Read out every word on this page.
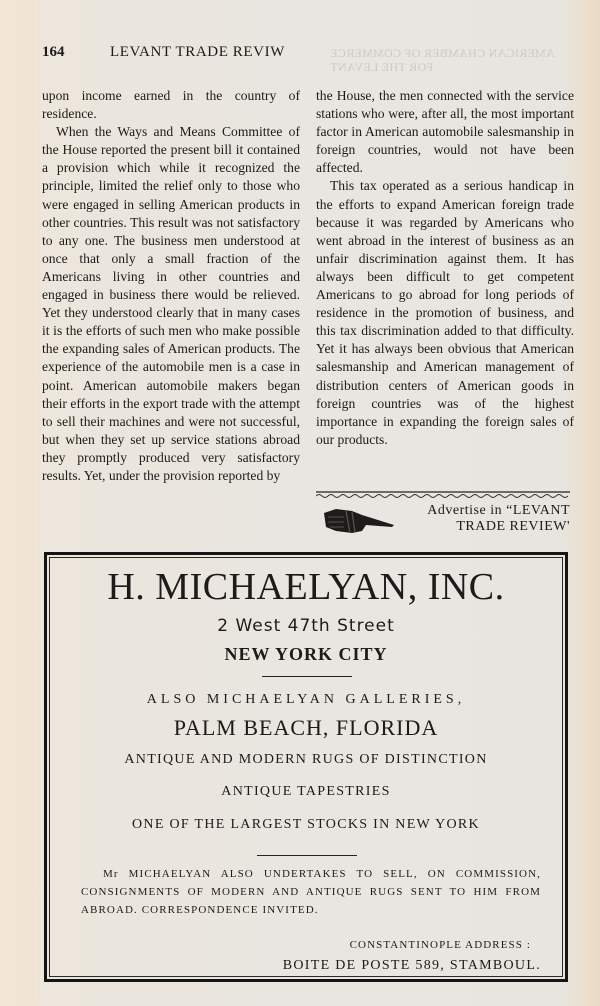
AMERICAN CHAMBER OF COMMERCE FOR THE LEVANT
164	LEVANT TRADE REVIW

upon income earned in the country of residence.

When the Ways and Means Committee of the House reported the present bill it contained a provision which while it recognized the principle, limited the relief only to those who were engaged in selling American products in other countries. This result was not satisfactory to any one. The business men understood at once that only a small fraction of the Americans living in other countries and engaged in business there would be relieved. Yet they understood clearly that in many cases it is the efforts of such men who make possible the expanding sales of American products. The experience of the automobile men is a case in point. American automobile makers began their efforts in the export trade with the attempt to sell their machines and were not successful, but when they set up service stations abroad they promptly produced very satisfactory results. Yet, under the provision reported by

the House, the men connected with the service stations who were, after all, the most important factor in American automobile salesmanship in foreign countries, would not have been affected.

This tax operated as a serious handicap in the efforts to expand American foreign trade because it was regarded by Americans who went abroad in the interest of business as an unfair discrimination against them. It has always been difficult to get competent Americans to go abroad for long periods of residence in the promotion of business, and this tax discrimination added to that difficulty. Yet it has always been obvious that American salesmanship and American management of distribution centers of American goods in foreign countries was of the highest importance in expanding the foreign sales of our products.

Advertise in “LEVANT
TRADE REVIEW'
H. MICHAELYAN, INC.
2 West 47th Street
NEW YORK CITY
ALSO MICHAELYAN GALLERIES,
PALM BEACH, FLORIDA
ANTIQUE AND MODERN RUGS OF DISTINCTION
ANTIQUE TAPESTRIES
ONE OF THE LARGEST STOCKS IN NEW YORK

Mr MICHAELYAN ALSO UNDERTAKES TO SELL, ON COMMISSION, CONSIGNMENTS OF MODERN AND ANTIQUE RUGS SENT TO HIM FROM ABROAD. CORRESPONDENCE INVITED.

CONSTANTINOPLE ADDRESS :
BOITE DE POSTE 589, STAMBOUL.
